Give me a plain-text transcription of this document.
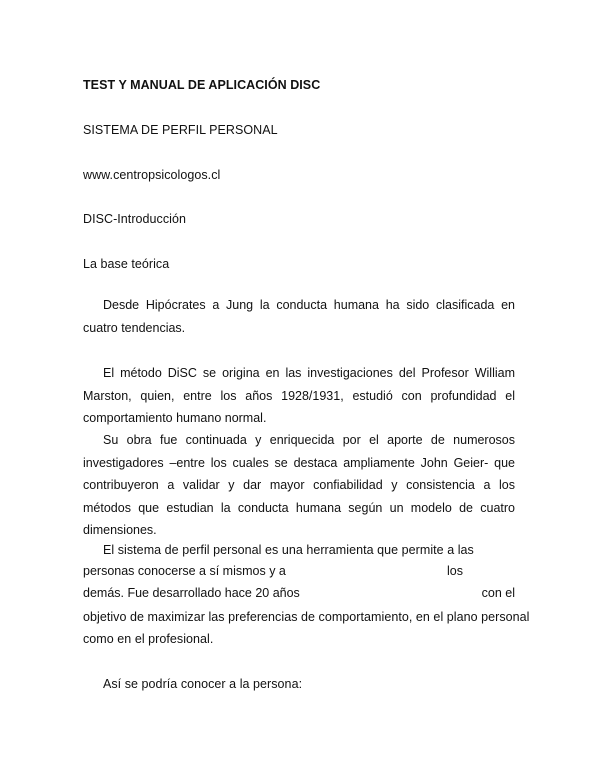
TEST Y MANUAL DE APLICACIÓN DISC
SISTEMA DE PERFIL PERSONAL
www.centropsicologos.cl
DISC-Introducción
La base teórica
Desde Hipócrates a Jung la conducta humana ha sido clasificada en cuatro tendencias.
El método DiSC se origina en las investigaciones del Profesor William Marston, quien, entre los años 1928/1931, estudió con profundidad el comportamiento humano normal.
Su obra fue continuada y enriquecida por el aporte de numerosos investigadores –entre los cuales se destaca ampliamente John Geier- que contribuyeron a validar y dar mayor confiabilidad y consistencia a los métodos que estudian la conducta humana según un modelo de cuatro dimensiones.
El sistema de perfil personal es una herramienta que permite a las
personas conocerse a sí mismos y a	los
demás. Fue desarrollado hace 20 años	con el
objetivo de maximizar las preferencias de comportamiento, en el plano personal
como en el profesional.
Así se podría conocer a la persona:
